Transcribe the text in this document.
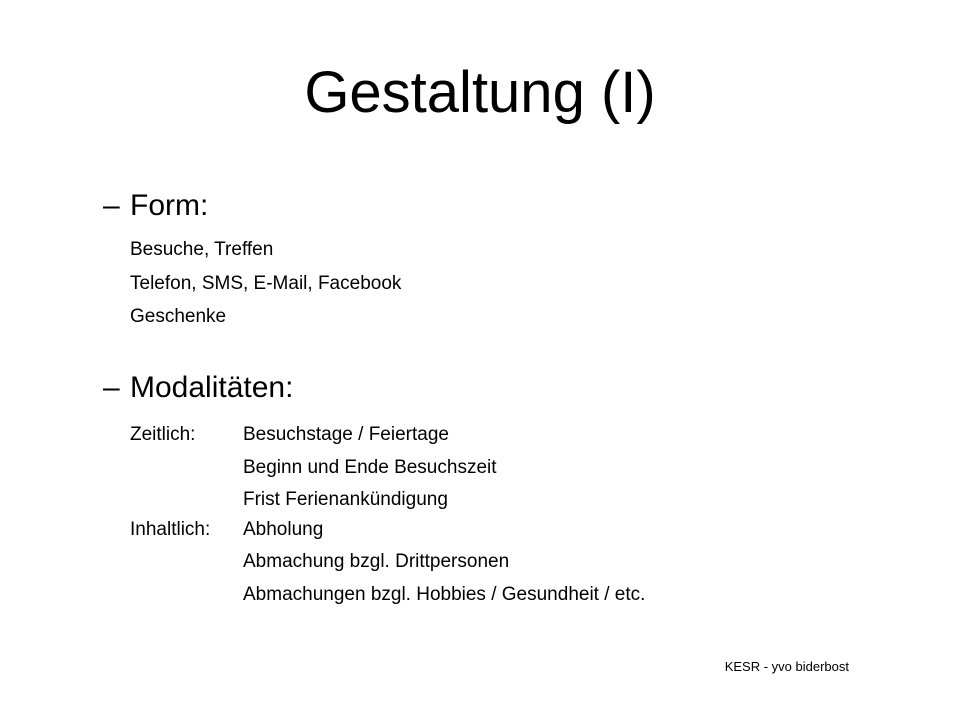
Gestaltung (I)
– Form:
Besuche, Treffen
Telefon, SMS, E-Mail, Facebook
Geschenke
– Modalitäten:
Zeitlich:	Besuchstage / Feiertage
Beginn und Ende Besuchszeit
Frist Ferienankündigung
Inhaltlich: Abholung
Abmachung bzgl. Drittpersonen
Abmachungen bzgl. Hobbies / Gesundheit / etc.
KESR - yvo biderbost
